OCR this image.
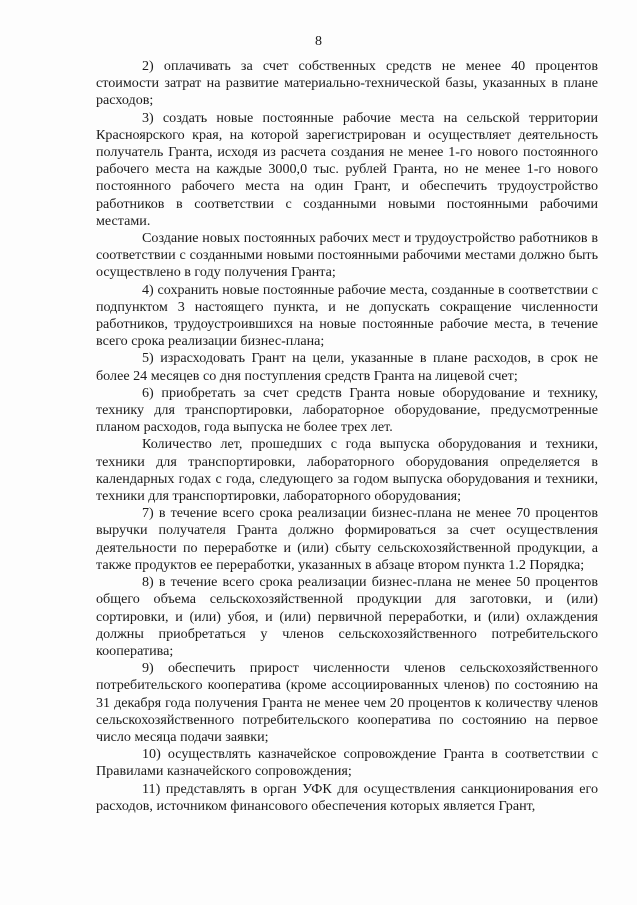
8

2) оплачивать за счет собственных средств не менее 40 процентов стоимости затрат на развитие материально-технической базы, указанных в плане расходов;

3) создать новые постоянные рабочие места на сельской территории Красноярского края, на которой зарегистрирован и осуществляет деятельность получатель Гранта, исходя из расчета создания не менее 1-го нового постоянного рабочего места на каждые 3000,0 тыс. рублей Гранта, но не менее 1-го нового постоянного рабочего места на один Грант, и обеспечить трудоустройство работников в соответствии с созданными новыми постоянными рабочими местами.

Создание новых постоянных рабочих мест и трудоустройство работников в соответствии с созданными новыми постоянными рабочими местами должно быть осуществлено в году получения Гранта;

4) сохранить новые постоянные рабочие места, созданные в соответствии с подпунктом 3 настоящего пункта, и не допускать сокращение численности работников, трудоустроившихся на новые постоянные рабочие места, в течение всего срока реализации бизнес-плана;

5) израсходовать Грант на цели, указанные в плане расходов, в срок не более 24 месяцев со дня поступления средств Гранта на лицевой счет;

6) приобретать за счет средств Гранта новые оборудование и технику, технику для транспортировки, лабораторное оборудование, предусмотренные планом расходов, года выпуска не более трех лет.

Количество лет, прошедших с года выпуска оборудования и техники, техники для транспортировки, лабораторного оборудования определяется в календарных годах с года, следующего за годом выпуска оборудования и техники, техники для транспортировки, лабораторного оборудования;

7) в течение всего срока реализации бизнес-плана не менее 70 процентов выручки получателя Гранта должно формироваться за счет осуществления деятельности по переработке и (или) сбыту сельскохозяйственной продукции, а также продуктов ее переработки, указанных в абзаце втором пункта 1.2 Порядка;

8) в течение всего срока реализации бизнес-плана не менее 50 процентов общего объема сельскохозяйственной продукции для заготовки, и (или) сортировки, и (или) убоя, и (или) первичной переработки, и (или) охлаждения должны приобретаться у членов сельскохозяйственного потребительского кооператива;

9) обеспечить прирост численности членов сельскохозяйственного потребительского кооператива (кроме ассоциированных членов) по состоянию на 31 декабря года получения Гранта не менее чем 20 процентов к количеству членов сельскохозяйственного потребительского кооператива по состоянию на первое число месяца подачи заявки;

10) осуществлять казначейское сопровождение Гранта в соответствии с Правилами казначейского сопровождения;

11) представлять в орган УФК для осуществления санкционирования его расходов, источником финансового обеспечения которых является Грант,
